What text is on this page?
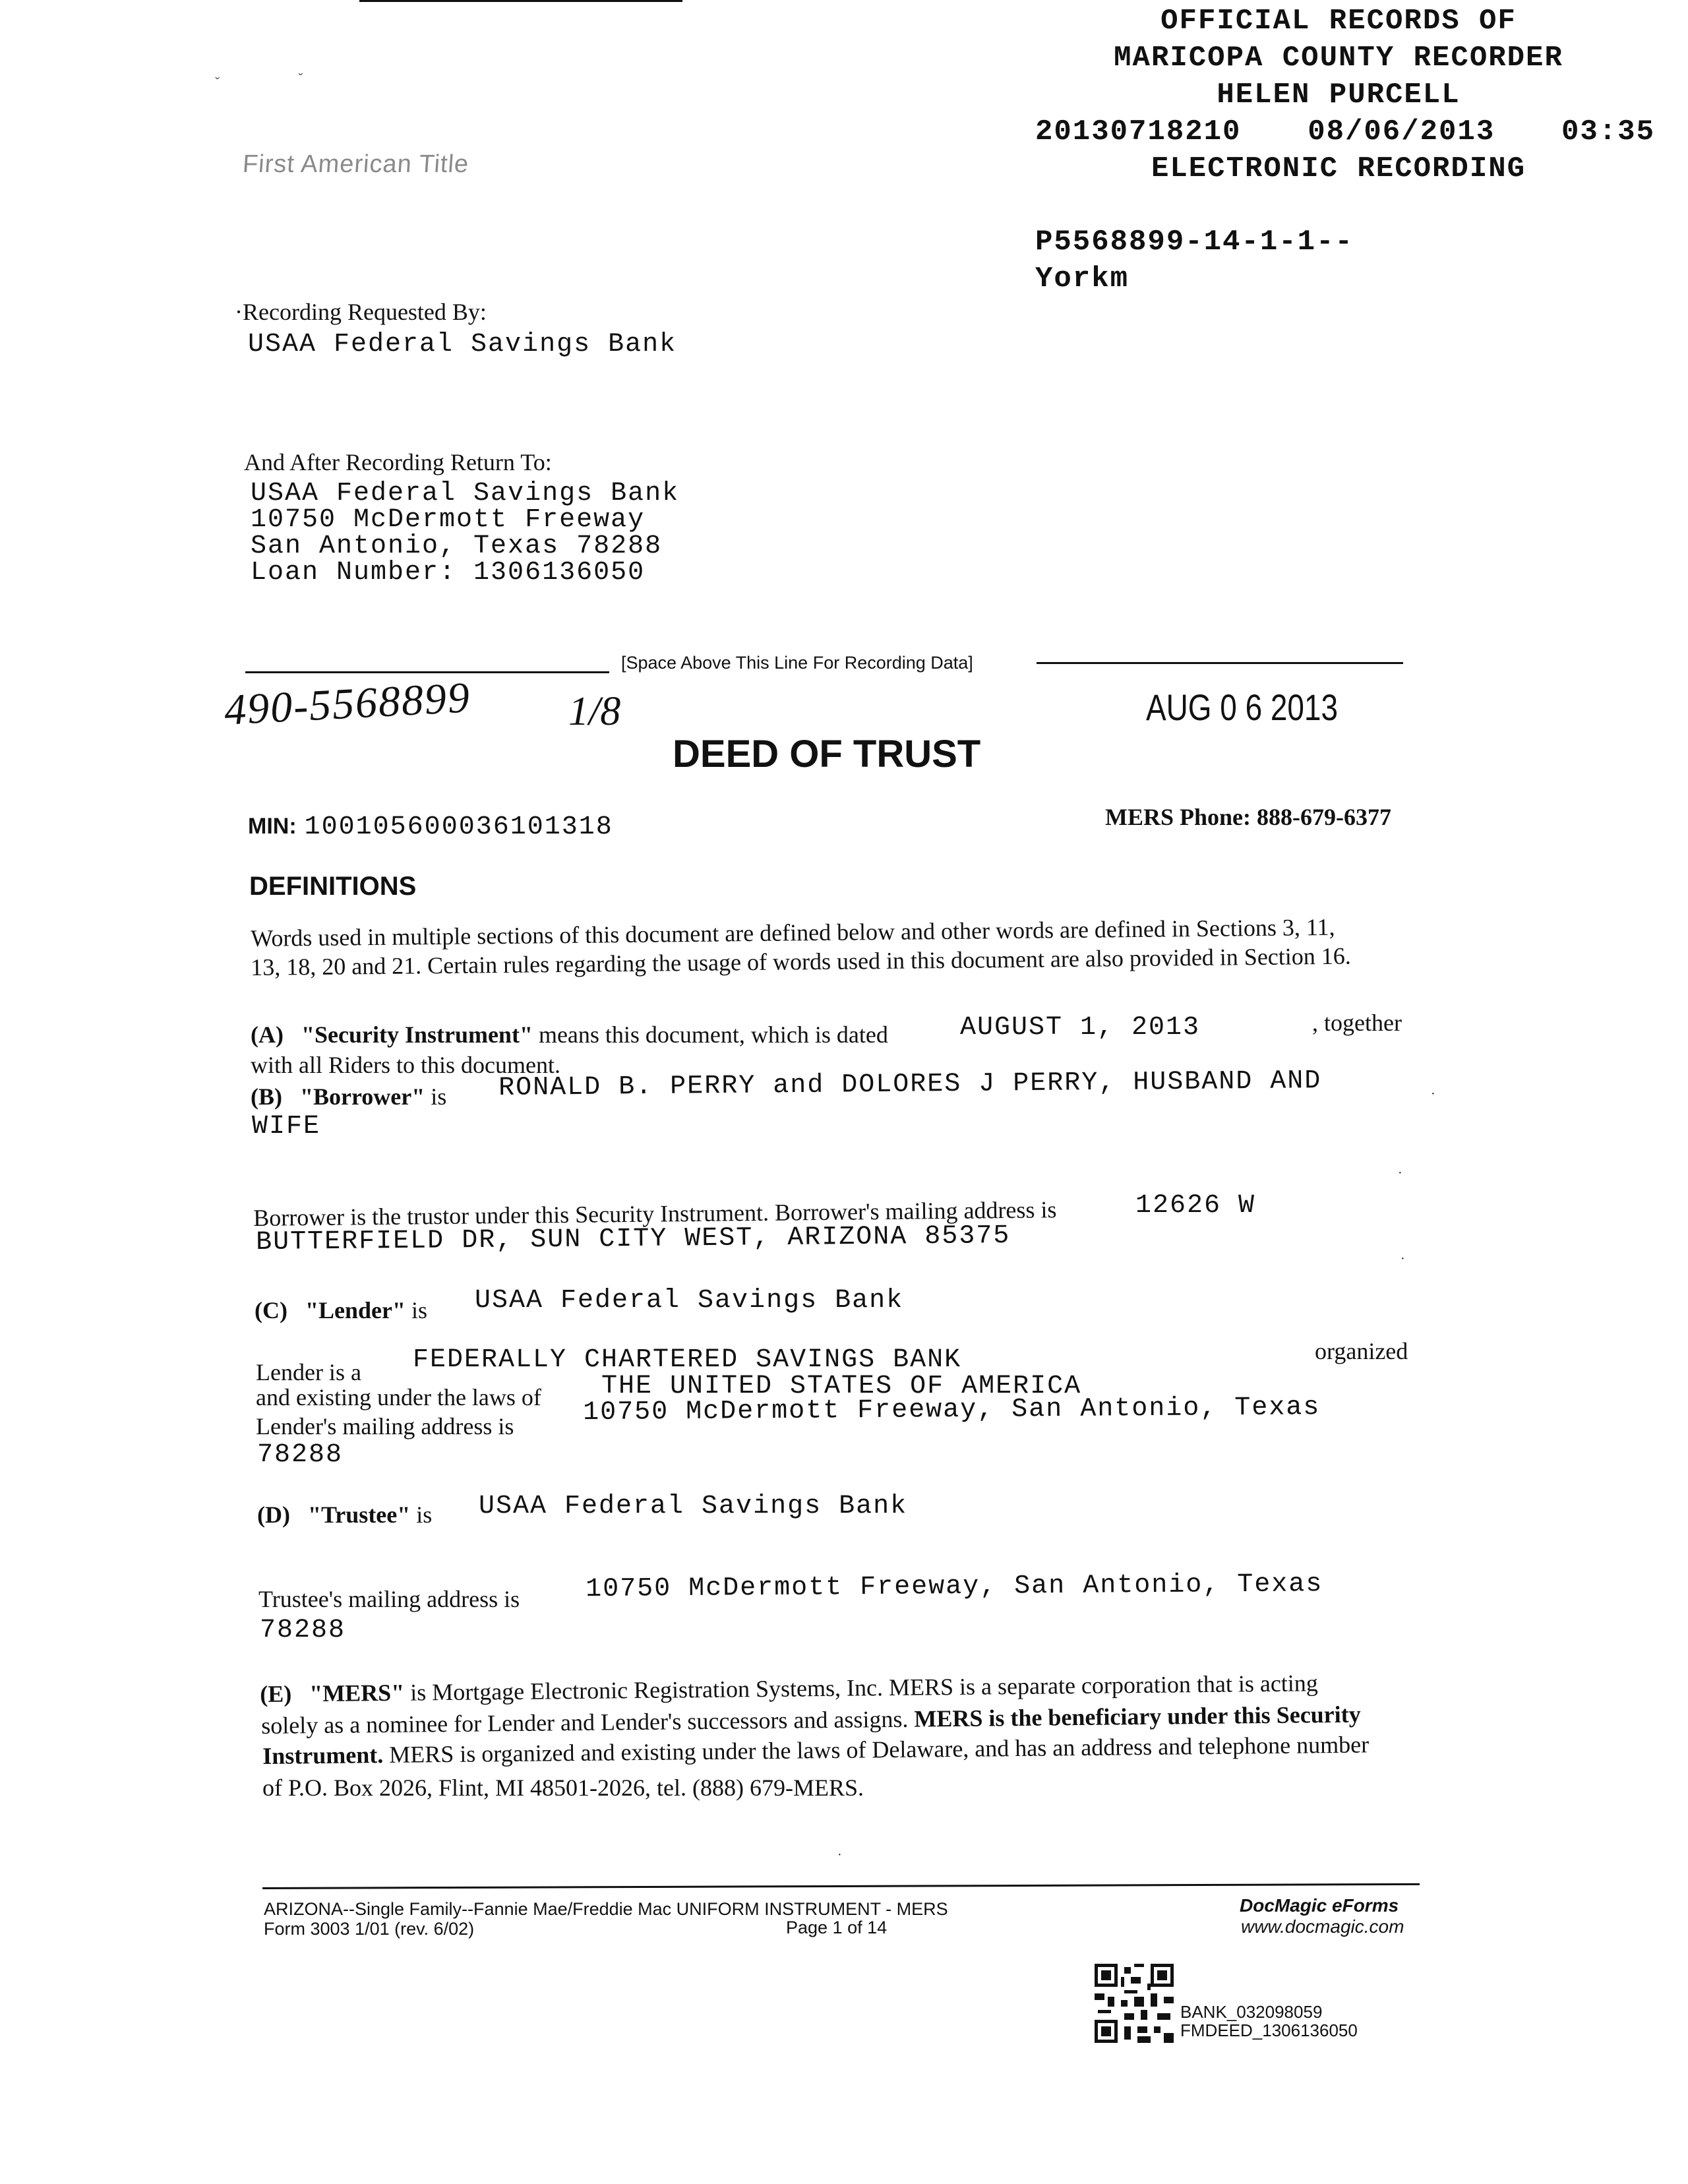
OFFICIAL RECORDS OF
MARICOPA COUNTY RECORDER
HELEN PURCELL
20130718210 08/06/2013 03:35
ELECTRONIC RECORDING
P5568899-14-1-1--
Yorkm
ˇ	ˇ
First American Title
·Recording Requested By:
USAA Federal Savings Bank
And After Recording Return To:
USAA Federal Savings Bank
10750 McDermott Freeway
San Antonio, Texas 78288
Loan Number: 1306136050
[Space Above This Line For Recording Data]
490-5568899 1/8	AUG 0 6 2013
DEED OF TRUST
MIN: 100105600036101318	MERS Phone: 888-679-6377
DEFINITIONS
Words used in multiple sections of this document are defined below and other words are defined in Sections 3, 11,
13, 18, 20 and 21. Certain rules regarding the usage of words used in this document are also provided in Section 16.
(A) "Security Instrument" means this document, which is dated	AUGUST 1, 2013	, together
with all Riders to this document.
(B) "Borrower" is RONALD B. PERRY and DOLORES J PERRY, HUSBAND AND
WIFE
Borrower is the trustor under this Security Instrument. Borrower's mailing address is	12626 W
BUTTERFIELD DR, SUN CITY WEST, ARIZONA 85375
(C) "Lender" is USAA Federal Savings Bank
Lender is a FEDERALLY CHARTERED SAVINGS BANK	organized
and existing under the laws of THE UNITED STATES OF AMERICA
Lender's mailing address is	10750 McDermott Freeway, San Antonio, Texas
78288
(D) "Trustee" is USAA Federal Savings Bank
Trustee's mailing address is 10750 McDermott Freeway, San Antonio, Texas
78288
(E) "MERS" is Mortgage Electronic Registration Systems, Inc. MERS is a separate corporation that is acting
solely as a nominee for Lender and Lender's successors and assigns. MERS is the beneficiary under this Security
Instrument. MERS is organized and existing under the laws of Delaware, and has an address and telephone number
of P.O. Box 2026, Flint, MI 48501-2026, tel. (888) 679-MERS.
·
·
·
·
ARIZONA--Single Family--Fannie Mae/Freddie Mac UNIFORM INSTRUMENT - MERS
Form 3003 1/01 (rev. 6/02)	Page 1 of 14
DocMagic eForms
www.docmagic.com
BANK_032098059
FMDEED_1306136050
